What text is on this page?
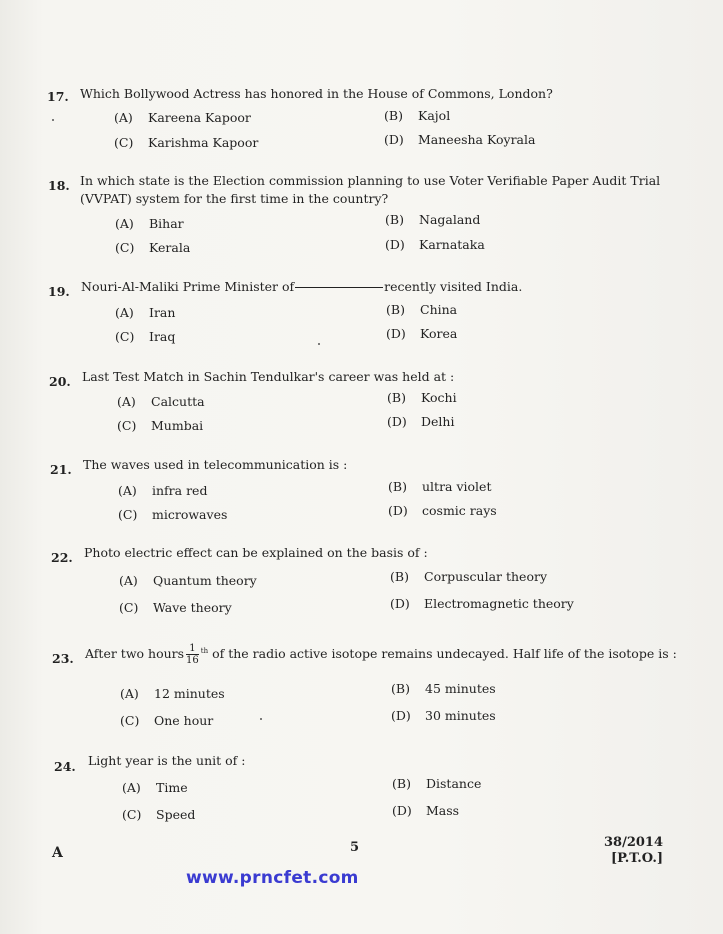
17. Which Bollywood Actress has honored in the House of Commons, London?
(A) Kareena Kapoor	(B) Kajol
(C) Karishma Kapoor	(D) Maneesha Koyrala
18. In which state is the Election commission planning to use Voter Verifiable Paper Audit Trial
(VVPAT) system for the first time in the country?
(A) Bihar	(B) Nagaland
(C) Kerala	(D) Karnataka
19. Nouri-Al-Maliki Prime Minister of	recently visited India.
(A) Iran	(B) China
(C) Iraq	(D) Korea
20. Last Test Match in Sachin Tendulkar's career was held at :
(A) Calcutta	(B) Kochi
(C) Mumbai	(D) Delhi
21. The waves used in telecommunication is :
(A) infra red	(B) ultra violet
(C) microwaves	(D) cosmic rays
22. Photo electric effect can be explained on the basis of :
(A) Quantum theory	(B) Corpuscular theory
(C) Wave theory	(D) Electromagnetic theory
23. After two hours $\frac{1}{16} ^{th}$ of the radio active isotope remains undecayed. Half life of the isotope is :
(A) 12 minutes	(B) 45 minutes
(C) One hour	(D) 30 minutes
24. Light year is the unit of :
(A) Time	(B) Distance
(C) Speed	(D) Mass
A	5	38/2014
[P.T.O.]
www.prncfet.com
